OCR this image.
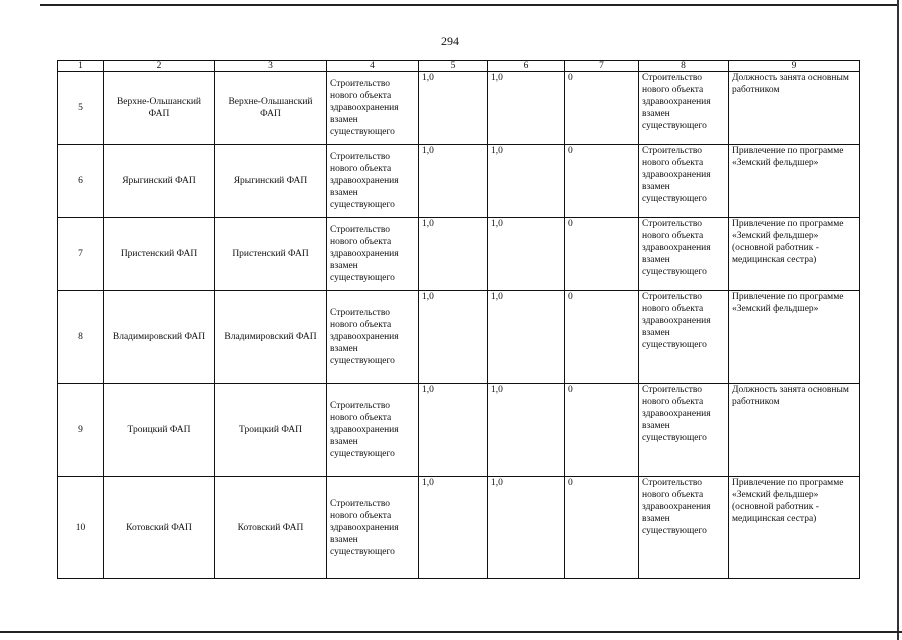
294
1	2	3	4	5	6	7	8	9
5	Верхне-Ольшанский ФАП	Верхне-Ольшанский ФАП	Строительство нового объекта здравоохранения взамен существующего	1,0	1,0	0	Строительство нового объекта здравоохранения взамен существующего	Должность занята основным работником
6	Ярыгинский ФАП	Ярыгинский ФАП	Строительство нового объекта здравоохранения взамен существующего	1,0	1,0	0	Строительство нового объекта здравоохранения взамен существующего	Привлечение по программе «Земский фельдшер»
7	Пристенский ФАП	Пристенский ФАП	Строительство нового объекта здравоохранения взамен существующего	1,0	1,0	0	Строительство нового объекта здравоохранения взамен существующего	Привлечение по программе «Земский фельдшер» (основной работник - медицинская сестра)
8	Владимировский ФАП	Владимировский ФАП	Строительство нового объекта здравоохранения взамен существующего	1,0	1,0	0	Строительство нового объекта здравоохранения взамен существующего	Привлечение по программе «Земский фельдшер»
9	Троицкий ФАП	Троицкий ФАП	Строительство нового объекта здравоохранения взамен существующего	1,0	1,0	0	Строительство нового объекта здравоохранения взамен существующего	Должность занята основным работником
10	Котовский ФАП	Котовский ФАП	Строительство нового объекта здравоохранения взамен существующего	1,0	1,0	0	Строительство нового объекта здравоохранения взамен существующего	Привлечение по программе «Земский фельдшер» (основной работник - медицинская сестра)
